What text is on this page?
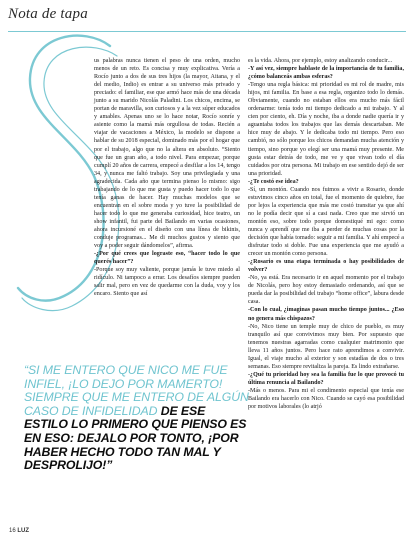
Nota de tapa

us palabras nunca tienen el peso de una orden, mucho menos de un reto. Es concisa y muy explicativa. Vería a Rocío junto a dos de sus tres hijos (la mayor, Aitana, y el del medio, Indio) es entrar a su universo más privado y preciado: el familiar, ese que armó hace más de una década junto a su marido Nicolás Paladini. Los chicos, encima, se portan de maravilla, son curiosos y a la vez súper educados y amables. Apenas uno se lo hace notar, Rocío sonríe y asiente como la mamá más orgullosa de todas. Recién a viajar de vacaciones a México, la modelo se dispone a hablar de su 2018 especial, dominado más por el hogar que por el trabajo, algo que no la altera en absoluto. “Siento que fue un gran año, a todo nivel. Para empezar, porque cumplí 20 años de carrera, empecé a desfilar a los 14, tengo 34, y nunca me faltó trabajo. Soy una privilegiada y una agradecida. Cada año que termina pienso lo mismo: sigo trabajando de lo que me gusta y puedo hacer todo lo que tenía ganas de hacer. Hay muchas modelos que se encuentran en el sobre moda y yo tuve la posibilidad de hacer todo lo que me generaba curiosidad, hice teatro, un show infantil, fui parte del Bailando en varias ocasiones, ahora incursioné en el diseño con una línea de bikinis, conduje programas... Me di muchos gustos y siento que voy a poder seguir dándomelos”, afirma.

-¿Por qué crees que lograste eso, “hacer todo lo que querés hacer”?

-Porque soy muy valiente, porque jamás le tuve miedo al ridículo. Ni tampoco a errar. Los desafíos siempre pueden salir mal, pero en vez de quedarme con la duda, voy y los encaro. Siento que así

es la vida. Ahora, por ejemplo, estoy analizando conducir...

-Y así vez, siempre hablaste de la importancia de tu familia, ¿cómo balanceás ambas esferas?

-Tengo una regla básica: mi prioridad es mi rol de madre, mis hijos, mi familia. En base a esa regla, organizo todo lo demás. Obviamente, cuando no estaban ellos era mucho más fácil ordenarme: tenía todo mi tiempo dedicado a mi trabajo. Y al cien por ciento, eh. Día y noche, iba a donde nadie quería ir y aguantaba todos los trabajos que las demás descartaban. Me hice muy de abajo. Y le dedicaba todo mi tiempo. Pero eso cambió, no sólo porque los chicos demandan mucha atención y tiempo, sino porque yo elegí ser una mamá muy presente. Me gusta estar detrás de todo, me ve y que vivan todo el día cuidados por otra persona. Mi trabajo en ese sentido dejó de ser una prioridad.

-¿Te costó ese idea?

-Sí, un montón. Cuando nos fuimos a vivir a Rosario, donde estuvimos cinco años en total, fue el momento de quiebre, fue por lejos la experiencia que más me costó transitar ya que ahí no le podía decir que sí a casi nada. Creo que me sirvió un montón eso, sobre todo porque domestiqué mi ego: como nunca y aprendí que me iba a perder de muchas cosas por la decisión que había tomado: seguir a mi familia. Y ahí empecé a disfrutar todo si doble. Fue una experiencia que me ayudó a crecer un montón como persona.

-¿Rosario es una etapa terminada o hay posibilidades de volver?

-No, ya está. Era necesario ir en aquel momento por el trabajo de Nicolás, pero hoy estoy demasiado ordenando, así que se pueda dar la posibilidad del trabajo “home office”, labura desde casa.

-Con lo cual, ¿imaginas pasan mucho tiempo juntos... ¿Eso no genera más chispazos?

-No, Nico tiene un temple muy de chico de pueblo, es muy tranquilo así que convivimos muy bien. Por supuesto que tenemos nuestras agarradas como cualquier matrimonio que lleva 11 años juntos. Pero hace rato aprendimos a convivir. Igual, el viaje mucho al exterior y son estadías de dos o tres semanas. Eso siempre revitaliza la pareja. Es lindo extrañarse.

-¿Qué tu prioridad hoy sea la familia fue lo que provocó tu última renuncia al Bailando?

-Más o menos. Para mi el condimento especial que tenía ese Bailando era hacerlo con Nico. Cuando se cayó esa posibilidad por motivos laborales (lo atrjó

“SI ME ENTERO QUE NICO ME FUE INFIEL, ¡LO DEJO POR MAMERTO! SIEMPRE QUE ME ENTERO DE ALGÚN CASO DE INFIDELIDAD DE ESE ESTILO LO PRIMERO QUE PIENSO ES EN ESO: DEJALO POR TONTO, ¡POR HABER HECHO TODO TAN MAL Y DESPROLIJO!”
16 LUZ
